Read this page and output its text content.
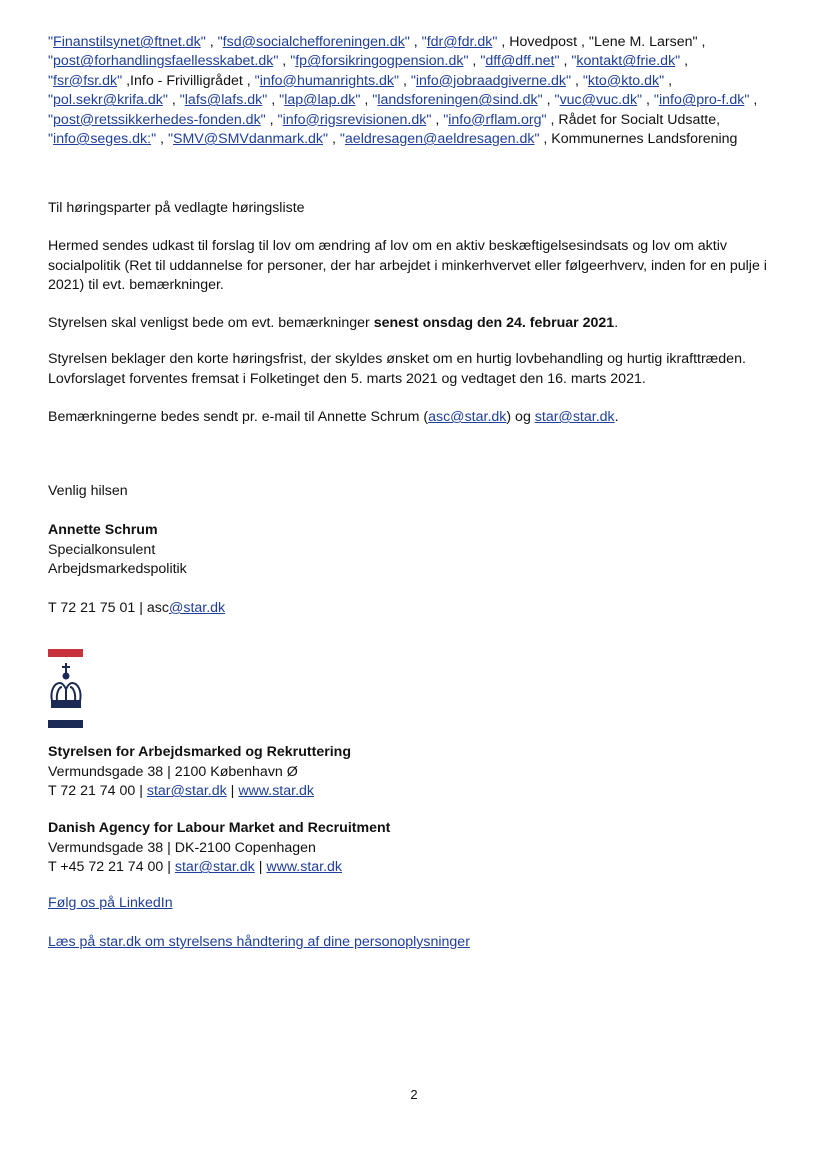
"Finanstilsynet@ftnet.dk" , "fsd@socialchefforeningen.dk" , "fdr@fdr.dk" , Hovedpost , "Lene M. Larsen" ,
"post@forhandlingsfaellesskabet.dk" , "fp@forsikringogpension.dk" , "dff@dff.net" , "kontakt@frie.dk" ,
"fsr@fsr.dk" ,Info - Frivilligrådet , "info@humanrights.dk" , "info@jobraadgiverne.dk" , "kto@kto.dk" ,
"pol.sekr@krifa.dk" , "lafs@lafs.dk" , "lap@lap.dk" , "landsforeningen@sind.dk" , "vuc@vuc.dk" , "info@pro-f.dk" ,
"post@retssikkerhedes-fonden.dk" , "info@rigsrevisionen.dk" , "info@rflam.org" , Rådet for Socialt Udsatte,
"info@seges.dk:" , "SMV@SMVdanmark.dk" , "aeldresagen@aeldresagen.dk" , Kommunernes Landsforening

Til høringsparter på vedlagte høringsliste

Hermed sendes udkast til forslag til lov om ændring af lov om en aktiv beskæftigelsesindsats og lov om aktiv socialpolitik (Ret til uddannelse for personer, der har arbejdet i minkerhvervet eller følgeerhverv, inden for en pulje i 2021) til evt. bemærkninger.

Styrelsen skal venligst bede om evt. bemærkninger senest onsdag den 24. februar 2021.

Styrelsen beklager den korte høringsfrist, der skyldes ønsket om en hurtig lovbehandling og hurtig ikrafttræden. Lovforslaget forventes fremsat i Folketinget den 5. marts 2021 og vedtaget den 16. marts 2021.

Bemærkningerne bedes sendt pr. e-mail til Annette Schrum (asc@star.dk) og star@star.dk.

Venlig hilsen

Annette Schrum

Specialkonsulent

Arbejdsmarkedspolitik

T 72 21 75 01 | asc@star.dk

Styrelsen for Arbejdsmarked og Rekruttering

Vermundsgade 38 | 2100 København Ø

T 72 21 74 00 | star@star.dk | www.star.dk

Danish Agency for Labour Market and Recruitment

Vermundsgade 38 | DK-2100 Copenhagen

T +45 72 21 74 00 | star@star.dk | www.star.dk

Følg os på LinkedIn

Læs på star.dk om styrelsens håndtering af dine personoplysninger

2
